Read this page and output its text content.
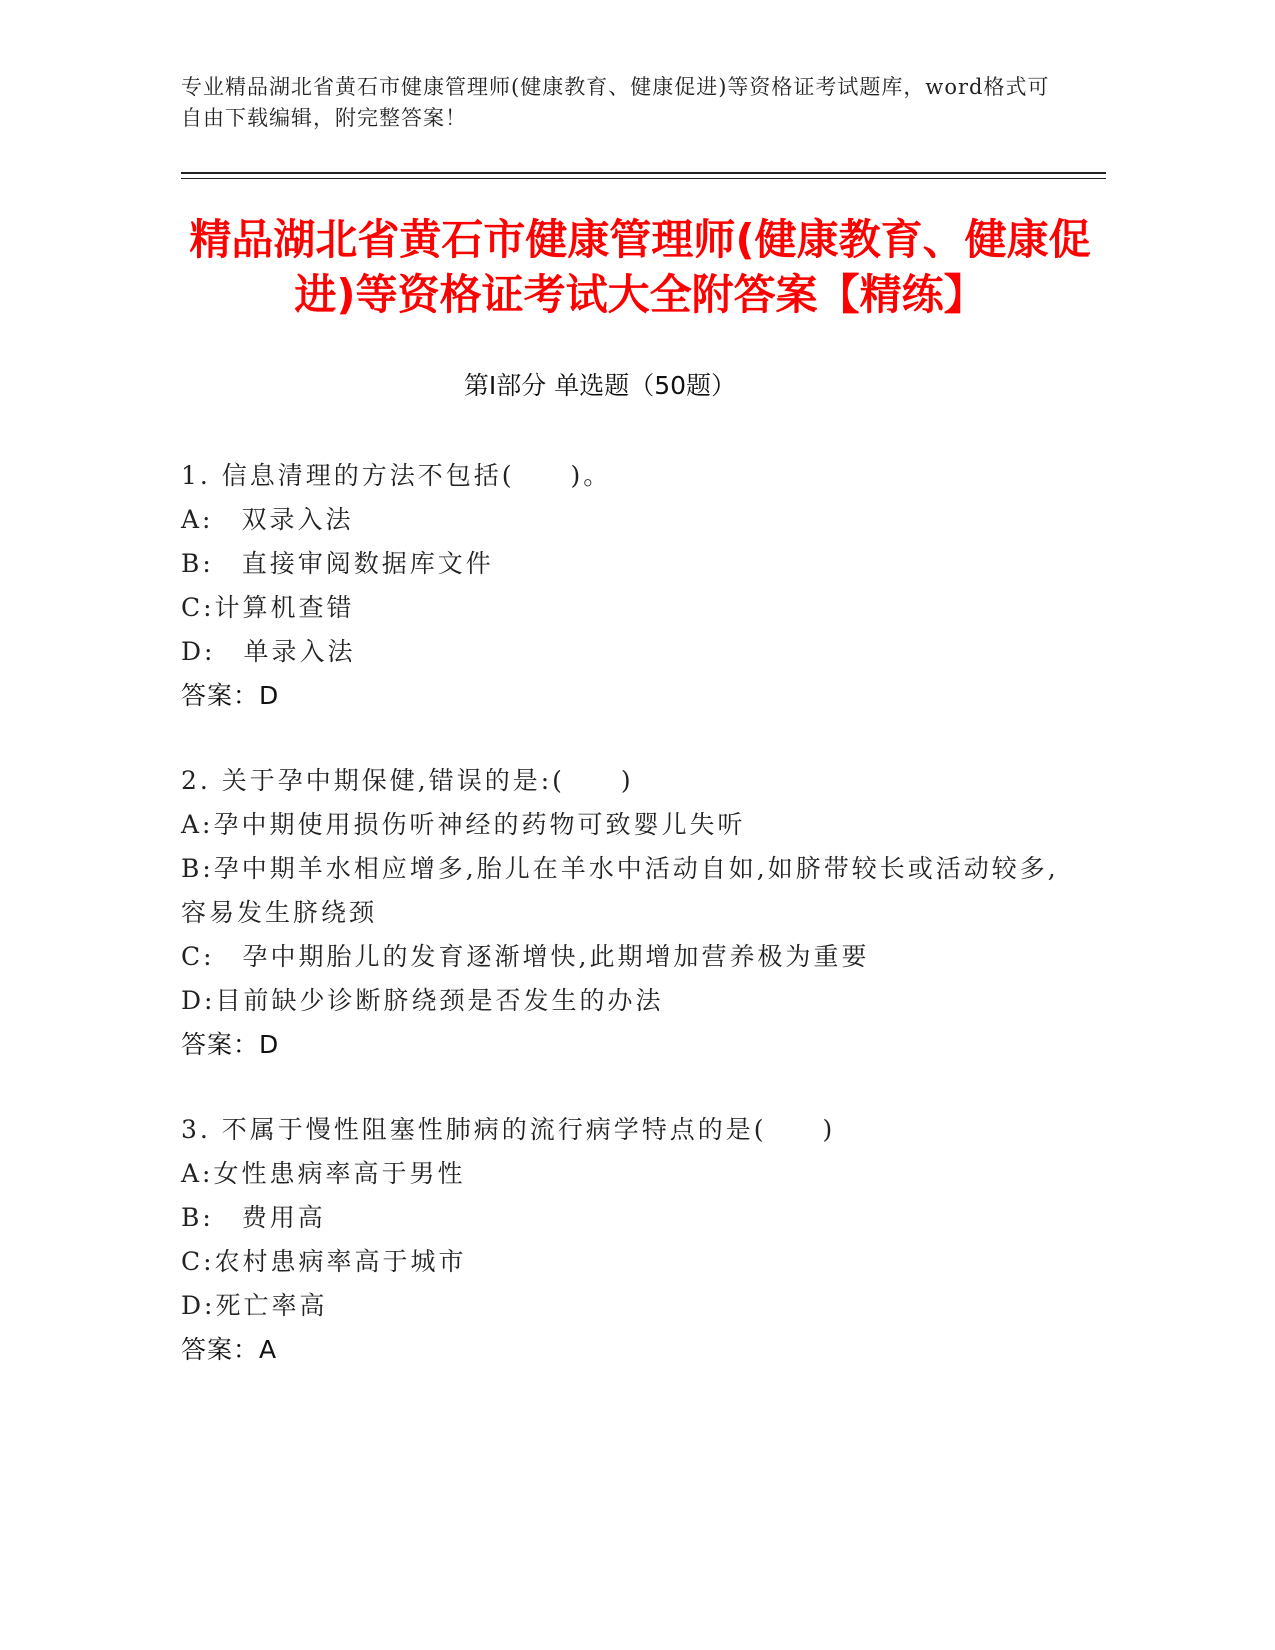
专业精品湖北省黄石市健康管理师(健康教育、健康促进)等资格证考试题库，word格式可自由下载编辑，附完整答案！
精品湖北省黄石市健康管理师(健康教育、健康促进)等资格证考试大全附答案【精练】
第Ⅰ部分 单选题（50题）
1. 信息清理的方法不包括(　　)。
A:　双录入法
B:　直接审阅数据库文件
C:计算机查错
D:　单录入法
答案：D
2. 关于孕中期保健,错误的是:(　　)
A:孕中期使用损伤听神经的药物可致婴儿失听
B:孕中期羊水相应增多,胎儿在羊水中活动自如,如脐带较长或活动较多,容易发生脐绕颈
C:　孕中期胎儿的发育逐渐增快,此期增加营养极为重要
D:目前缺少诊断脐绕颈是否发生的办法
答案：D
3. 不属于慢性阻塞性肺病的流行病学特点的是(　　)
A:女性患病率高于男性
B:　费用高
C:农村患病率高于城市
D:死亡率高
答案：A
